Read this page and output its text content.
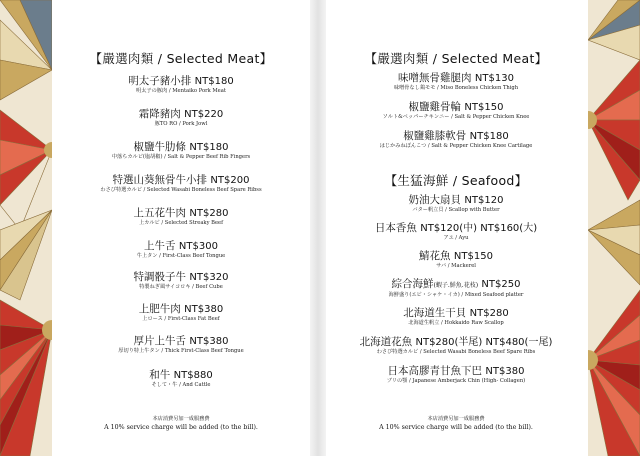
【嚴選肉類 / Selected Meat】
明太子豬小排 NT$180
明太子の豚肉 / Mentaiko Pork Meat
霜降豬肉 NT$220
豚TO RO / Pork Jowl
椒鹽牛肋條 NT$180
中落ちカルビ(塩胡椒) / Salt & Pepper Beef Rib Fingers
特選山葵無骨牛小排 NT$200
わさび特選カルビ / Selected Wasabi Boneless Beef Spare Ribss
上五花牛肉 NT$280
上カルビ / Selected Streaky Beef
上牛舌 NT$300
牛上タン / First-Class Beef Tongue
特調骰子牛 NT$320
特製ねぎ風サイコロキ / Beef Cube
上肥牛肉 NT$380
上ロース / First-Class Fat Beef
厚片上牛舌 NT$380
厚切り特上牛タン / Thick First-Class Beef Tongue
和牛 NT$880
そして・牛 / And Cattle
本店消費另加一成服務費
A 10% service charge will be added (to the bill).
【嚴選肉類 / Selected Meat】
味噌無骨雞腿肉 NT$130
味噌骨なし鶏モモ / Miso Boneless Chicken Thigh
椒鹽雞骨輪 NT$150
ソルト&ペッパーチキンニー / Salt & Pepper Chicken Knee
椒鹽雞膝軟骨 NT$180
はじかみねぼんこつ / Salt & Pepper Chicken Knee Cartilage
【生猛海鮮 / Seafood】
奶油大扇貝 NT$120
バター帆立貝 / Scallop with Butter
日本香魚 NT$120(中) NT$160(大)
アユ / Ayu
鯖花魚 NT$150
サバ / Mackerel
綜合海鮮(蝦子.鮮魚.花枝) NT$250
海鮮盛り(エビ・シャケ・イカ) / Mixed Seafood platter
北海道生干貝 NT$280
北海道生帆立 / Hokkaido Raw Scallop
北海道花魚 NT$280(半尾) NT$480(一尾)
わさび特選カルビ / Selected Wasabi Boneless Beef Spare Ribs
日本高膠青甘魚下巴 NT$380
ブリの顎 / Japanese Amberjack Chin (High- Collagen)
本店消費另加一成服務費
A 10% service charge will be added (to the bill).
